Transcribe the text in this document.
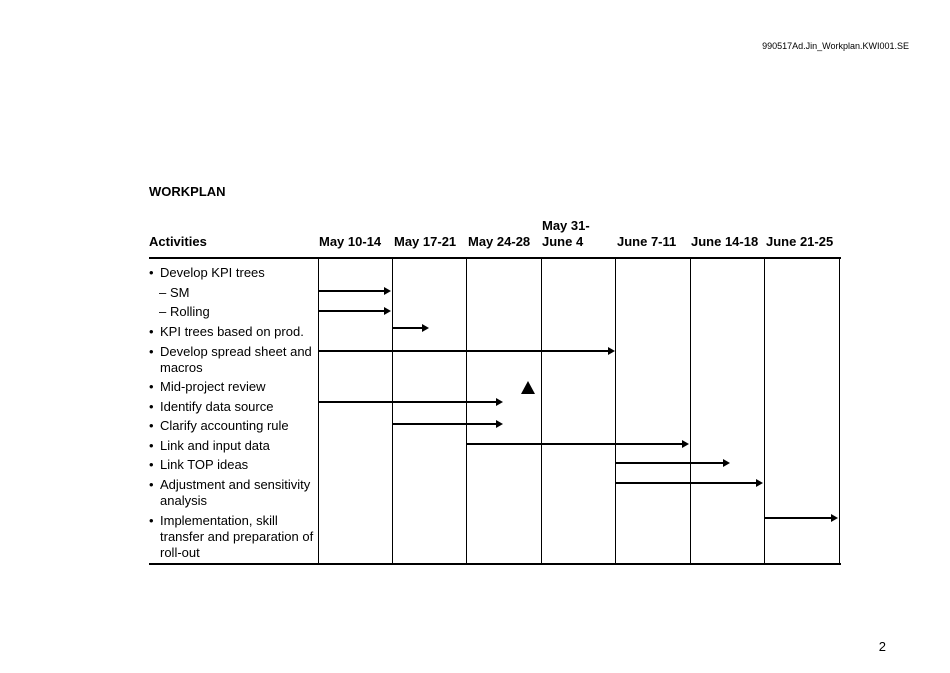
990517Ad.Jin_Workplan.KWI001.SE
WORKPLAN
Activities	May 10-14 May 17-21 May 24-28
May 31-
June 4	June 7-11 June 14-18 June 21-25
• Develop KPI trees
– SM
– Rolling
• KPI trees based on prod.
• Develop spread sheet and macros
• Mid-project review
• Identify data source
• Clarify accounting rule
• Link and input data
• Link TOP ideas
• Adjustment and sensitivity analysis
• Implementation, skill transfer and preparation of roll-out
2
